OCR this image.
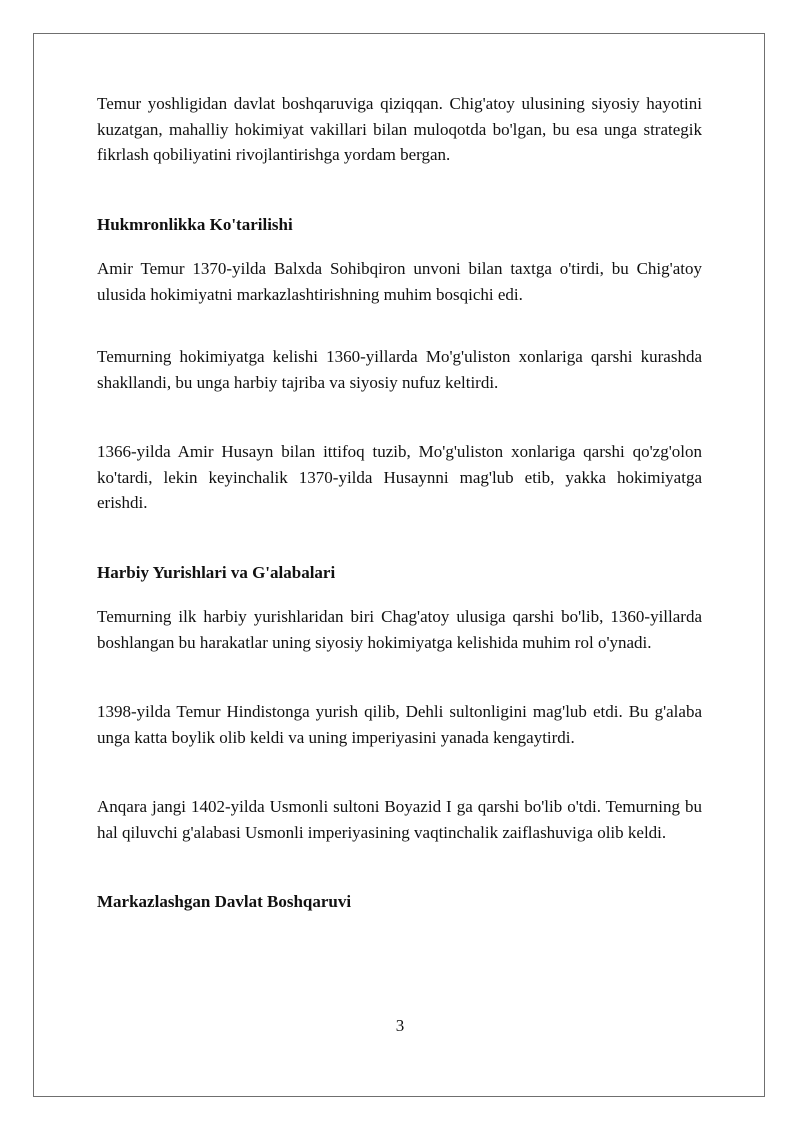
Temur yoshligidan davlat boshqaruviga qiziqqan. Chig'atoy ulusining siyosiy hayotini kuzatgan, mahalliy hokimiyat vakillari bilan muloqotda bo'lgan, bu esa unga strategik fikrlash qobiliyatini rivojlantirishga yordam bergan.

Hukmronlikka Ko'tarilishi

Amir Temur 1370-yilda Balxda Sohibqiron unvoni bilan taxtga o'tirdi, bu Chig'atoy ulusida hokimiyatni markazlashtirishning muhim bosqichi edi.

Temurning hokimiyatga kelishi 1360-yillarda Mo'g'uliston xonlariga qarshi kurashda shakllandi, bu unga harbiy tajriba va siyosiy nufuz keltirdi.

1366-yilda Amir Husayn bilan ittifoq tuzib, Mo'g'uliston xonlariga qarshi qo'zg'olon ko'tardi, lekin keyinchalik 1370-yilda Husaynni mag'lub etib, yakka hokimiyatga erishdi.

Harbiy Yurishlari va G'alabalari

Temurning ilk harbiy yurishlaridan biri Chag'atoy ulusiga qarshi bo'lib, 1360-yillarda boshlangan bu harakatlar uning siyosiy hokimiyatga kelishida muhim rol o'ynadi.

1398-yilda Temur Hindistonga yurish qilib, Dehli sultonligini mag'lub etdi. Bu g'alaba unga katta boylik olib keldi va uning imperiyasini yanada kengaytirdi.

Anqara jangi 1402-yilda Usmonli sultoni Boyazid I ga qarshi bo'lib o'tdi. Temurning bu hal qiluvchi g'alabasi Usmonli imperiyasining vaqtinchalik zaiflashuviga olib keldi.

Markazlashgan Davlat Boshqaruvi
3
